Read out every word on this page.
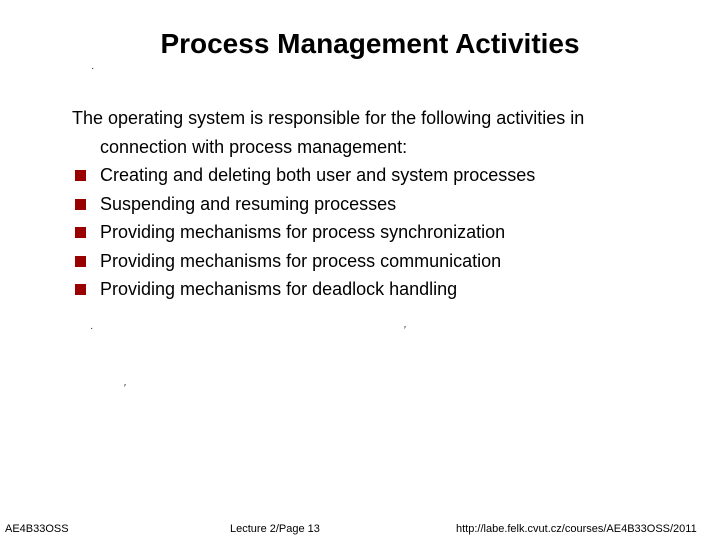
Process Management Activities
·
·	′
′
The operating system is responsible for the following activities in
connection with process management:
Creating and deleting both user and system processes
Suspending and resuming processes
Providing mechanisms for process synchronization
Providing mechanisms for process communication
Providing mechanisms for deadlock handling
AE4B33OSS	Lecture 2/Page 13	http://labe.felk.cvut.cz/courses/AE4B33OSS/2011
